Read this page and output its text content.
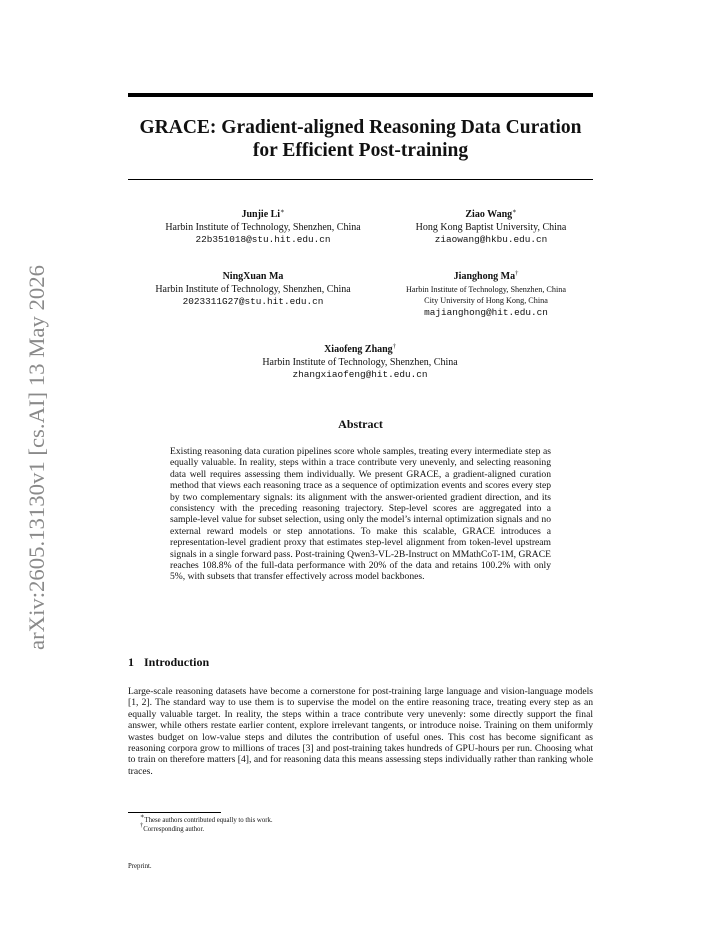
arXiv:2605.13130v1 [cs.AI] 13 May 2026
GRACE: Gradient-aligned Reasoning Data Curation
for Efficient Post-training
Junjie Li∗
Harbin Institute of Technology, Shenzhen, China
22b351018@stu.hit.edu.cn
Ziao Wang∗
Hong Kong Baptist University, China
ziaowang@hkbu.edu.cn
NingXuan Ma
Harbin Institute of Technology, Shenzhen, China
2023311G27@stu.hit.edu.cn
Jianghong Ma†
Harbin Institute of Technology, Shenzhen, China
City University of Hong Kong, China
majianghong@hit.edu.cn
Xiaofeng Zhang†
Harbin Institute of Technology, Shenzhen, China
zhangxiaofeng@hit.edu.cn
Abstract
Existing reasoning data curation pipelines score whole samples, treating every intermediate step as equally valuable. In reality, steps within a trace contribute very unevenly, and selecting reasoning data well requires assessing them individually. We present GRACE, a gradient-aligned curation method that views each reasoning trace as a sequence of optimization events and scores every step by two complementary signals: its alignment with the answer-oriented gradient direction, and its consistency with the preceding reasoning trajectory. Step-level scores are aggregated into a sample-level value for subset selection, using only the model’s internal optimization signals and no external reward models or step annotations. To make this scalable, GRACE introduces a representation-level gradient proxy that estimates step-level alignment from token-level upstream signals in a single forward pass. Post-training Qwen3-VL-2B-Instruct on MMathCoT-1M, GRACE reaches 108.8% of the full-data performance with 20% of the data and retains 100.2% with only 5%, with subsets that transfer effectively across model backbones.
1 Introduction
Large-scale reasoning datasets have become a cornerstone for post-training large language and vision-language models [1, 2]. The standard way to use them is to supervise the model on the entire reasoning trace, treating every step as an equally valuable target. In reality, the steps within a trace contribute very unevenly: some directly support the final answer, while others restate earlier content, explore irrelevant tangents, or introduce noise. Training on them uniformly wastes budget on low-value steps and dilutes the contribution of useful ones. This cost has become significant as reasoning corpora grow to millions of traces [3] and post-training takes hundreds of GPU-hours per run. Choosing what to train on therefore matters [4], and for reasoning data this means assessing steps individually rather than ranking whole traces.
∗These authors contributed equally to this work.
†Corresponding author.
Preprint.
